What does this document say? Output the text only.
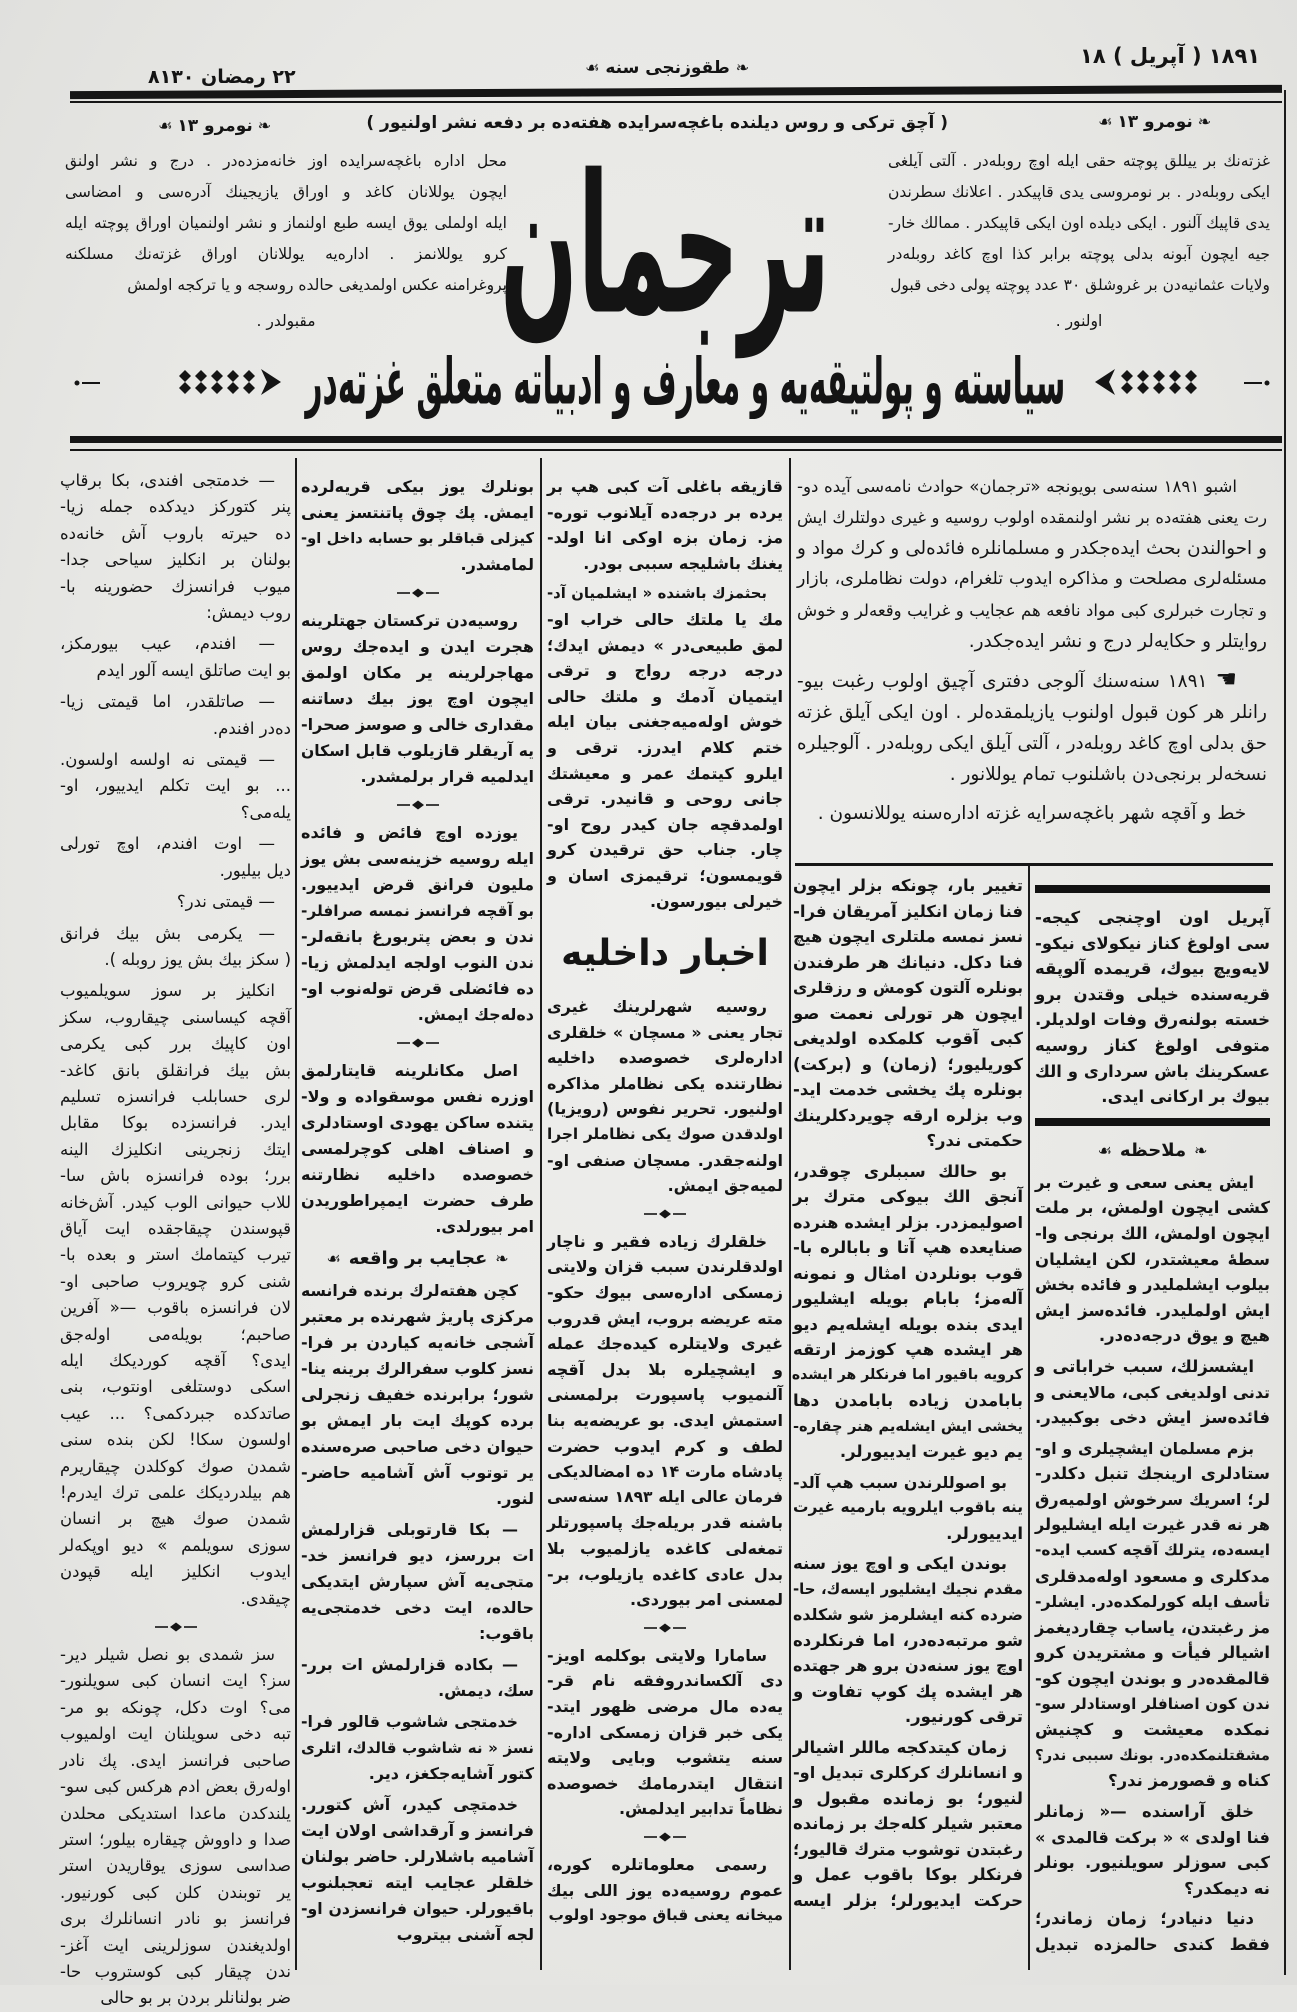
۱۸۹۱ ( آپریل ) ۱۸
❧
طقوزنجی سنه
☙
۲۲ رمضان ۸۱۳۰
❧
نومرو ۱۳
☙
( آچق ترکی و روس دیلنده باغچه‌سرایده هفته‌ده بر دفعه نشر اولنیور )
❧
نومرو ۱۳
☙
محل اداره باغچه‌سرایده اوز خانه‌مزده‌در . درج و نشر اولنق
ایچون یوللانان کاغد و اوراق یازیجینك آدره‌سی و امضاسی
ایله اولملی یوق ایسه طبع اولنماز و نشر اولنمیان اوراق پوچته ایله
کرو یوللانمز . اداره‌یه یوللانان اوراق غزته‌نك مسلکنه
پروغرامنه عکس اولمدیغی حالده روسجه و یا ترکجه اولمش
مقبولدر .
غزته‌نك بر ییللق پوچته حقی ایله اوچ روبله‌در . آلتی آیلغی
ایکی روبله‌در . بر نومروسی یدی قاپیکدر . اعلانك سطرندن
یدی قاپیك آلنور . ایکی دیلده اون ایکی قاپیکدر . ممالك خار-
جیه ایچون آبونه بدلی پوچته برابر کذا اوچ کاغد روبله‌در
ولایات عثمانیه‌دن بر غروشلق ۳۰ عدد پوچته پولی دخی قبول
اولنور .
ترجمان
سیاسته و پولتیقه‌یه و معارف و ادبیاته متعلق غزته‌در
اشبو ۱۸۹۱ سنه‌سی بویونجه «ترجمان» حوادث نامه‌سی آیده دو-
رت یعنی هفته‌ده بر نشر اولنمقده اولوب روسیه و غیری دولتلرك ایش
و احوالندن بحث ایده‌جکدر و مسلمانلره فائده‌لی و کرك مواد و
مسئله‌لری مصلحت و مذاکره ایدوب تلغرام، دولت نظاملری، بازار
و تجارت خبرلری کبی مواد نافعه هم عجایب و غرایب وقعه‌لر و خوش
روایتلر و حکایه‌لر درج و نشر ایده‌جکدر.
☚۱۸۹۱ سنه‌سنك آلوجی دفتری آچیق اولوب رغبت بیو-
رانلر هر کون قبول اولنوب یازیلمقده‌لر . اون ایکی آیلق غزته
حق بدلی اوچ کاغد روبله‌در ، آلتی آیلق ایکی روبله‌در . آلوجیلره
نسخه‌لر برنجی‌دن باشلنوب تمام یوللانور .
خط و آقچه شهر باغچه‌سرایه غزته اداره‌سنه یوللانسون .
آپریل اون اوچنجی کیجه-
سی اولوغ کناز نیکولای نیکو-
لایه‌ویچ بیوك، قریمده آلوپقه
قریه‌سنده خیلی وقتدن برو
خسته بولنه‌رق وفات اولدیلر.
متوفی اولوغ کناز روسیه
عسکرینك باش سرداری و الك
بیوك بر ارکانی ایدی.
❧
ملاحظه
☙
ایش یعنی سعی و غیرت بر
کشی ایچون اولمش، بر ملت
ایچون اولمش، الك برنجی وا-
سطهٔ معیشتدر، لکن ایشلیان
بیلوب ایشلملیدر و فائده بخش
ایش اولملیدر. فائده‌سز ایش
هیچ و یوق درجه‌ده‌در.
ایشسزلك، سبب خراباتی و
تدنی اولدیغی کبی، مالایعنی و
فائده‌سز ایش دخی بوکبیدر.
بزم مسلمان ایشچیلری و او-
ستادلری ارینجك تنبل دکلدر-
لر؛ اسریك سرخوش اولمیه‌رق
هر نه قدر غیرت ایله ایشلیولر
ایسه‌ده، یترلك آقچه کسب ایده-
مدکلری و مسعود اوله‌مدقلری
تأسف ایله کورلمکده‌در. ایشلر-
مز رغبتدن، یاساب چقاردیغمز
اشیالر فیأت و مشتریدن کرو
قالمقده‌در و بوندن ایچون کو-
ندن کون اصنافلر اوستادلر سو-
نمکده معیشت و کچنیش
مشقتلنمکده‌در. بونك سببی ندر؟
کناه و قصورمز ندر؟
خلق آراسنده —« زمانلر
فنا اولدی » « برکت قالمدی »
کبی سوزلر سویلنیور. بونلر
نه دیمکدر؟
دنیا دنیادر؛ زمان زماندر؛
فقط کندی حالمزده تبدیل
تغییر بار، چونکه بزلر ایچون
فنا زمان انکلیز آمریقان فرا-
نسز نمسه ملتلری ایچون هیچ
فنا دکل. دنیانك هر طرفندن
بونلره آلتون کومش و رزقلری
ایچون هر تورلی نعمت صو
کبی آقوب کلمکده اولدیغی
کوریلیور؛ (زمان) و (برکت)
بونلره پك یخشی خدمت اید-
وب بزلره ارقه چویردکلرینك
حکمتی ندر؟
بو حالك سببلری چوقدر،
آنجق الك بیوکی مترك بر
اصولیمزدر. بزلر ایشده هنرده
صنایعده هپ آتا و بابالره با-
قوب بونلردن امثال و نمونه
آله‌مز؛ بابام بویله ایشلیور
ایدی بنده بویله ایشله‌یم دیو
هر ایشده هپ کوزمز ارتقه
کرویه باقیور اما فرنکلر هر ایشده
بابامدن زیاده بابامدن دها
یخشی ایش ایشله‌یم هنر چقاره-
یم دیو غیرت ایدییورلر.
بو اصوللرندن سبب هپ آلد-
ینه باقوب ایلرویه بارمیه غیرت
ایدییورلر.
بوندن ایکی و اوچ یوز سنه
مقدم نجیك ایشلیور ایسه‌ك، حا-
ضرده کنه ایشلرمز شو شکلده
شو مرتبه‌ده‌در، اما فرنکلرده
اوچ یوز سنه‌دن برو هر جهتده
هر ایشده پك کوپ تفاوت و
ترقی کورنیور.
زمان کیتدکجه ماللر اشیالر
و انسانلرك کرکلری تبدیل او-
لنیور؛ بو زمانده مقبول و
معتبر شیلر کله‌جك بر زمانده
رغبتدن توشوب مترك قالیور؛
فرنکلر بوکا باقوب عمل و
حرکت ایدیورلر؛ بزلر ایسه
قازیقه باغلی آت کبی هپ بر
یرده بر درجه‌ده آیلانوب توره-
مز. زمان بزه اوکی انا اولد-
یغنك باشلیجه سببی بودر.
بحثمزك باشنده « ایشلمیان آد-
مك یا ملتك حالی خراب او-
لمق طبیعی‌در » دیمش ایدك؛
درجه درجه رواج و ترقی
ایتمیان آدمك و ملتك حالی
خوش اوله‌میه‌جغنی بیان ایله
ختم کلام ایدرز. ترقی و
ایلرو کیتمك عمر و معیشتك
جانی روحی و قانیدر. ترقی
اولمدقچه جان کیدر روح او-
چار. جناب حق ترقیدن کرو
قویمسون؛ ترقیمزی اسان و
خیرلی بیورسون.
اخبار داخلیه
روسیه شهرلرینك غیری
تجار یعنی « مسچان » خلقلری
اداره‌لری خصوصده داخلیه
نظارتنده یکی نظاملر مذاکره
اولنیور. تحریر نفوس (رویزیا)
اولدقدن صوك یکی نظاملر اجرا
اولنه‌جقدر. مسچان صنفی او-
لمیه‌جق ایمش.
خلقلرك زیاده فقیر و ناچار
اولدقلرندن سبب قزان ولایتی
زمسکی اداره‌سی بیوك حکو-
مته عریضه بروب، ایش قدروب
غیری ولایتلره کیده‌جك عمله
و ایشچیلره بلا بدل آقچه
آلنمیوب پاسپورت برلمسنی
استمش ایدی. بو عریضه‌یه بنا
لطف و کرم ایدوب حضرت
پادشاه مارت ۱۴ ده امضالدیکی
فرمان عالی ایله ۱۸۹۳ سنه‌سی
باشنه قدر بریله‌جك پاسپورتلر
تمغه‌لی کاغده یازلمیوب بلا
بدل عادی کاغده یازیلوب، بر-
لمسنی امر بیوردی.
سامارا ولایتی بوکلمه اویز-
دی آلکساندروفقه نام قر-
یه‌ده مال مرضی ظهور ایتد-
یکی خبر قزان زمسکی اداره-
سنه یتشوب وبایی ولایته
انتقال ایتدرمامك خصوصده
نظاماً تدابیر ایدلمش.
رسمی معلوماتلره کوره،
عموم روسیه‌ده یوز اللی بیك
میخانه یعنی قباق موجود اولوب
بونلرك یوز بیکی قریه‌لرده
ایمش. پك چوق پاتنتسز یعنی
کیزلی قباقلر بو حسابه داخل او-
لمامشدر.
روسیه‌دن ترکستان جهتلرینه
هجرت ایدن و ایده‌جك روس
مهاجرلرینه یر مکان اولمق
ایچون اوچ یوز بیك دساتنه
مقداری خالی و صوسز صحرا-
یه آریقلر قازیلوب قابل اسکان
ایدلمیه قرار برلمشدر.
یوزده اوچ فائض و فائده
ایله روسیه خزینه‌سی بش یوز
ملیون فرانق قرض ایدییور.
بو آقچه فرانسز نمسه صرافلر-
ندن و بعض پتربورغ بانقه‌لر-
ندن النوب اولجه ایدلمش زیا-
ده فائضلی قرض توله‌نوب او-
ده‌له‌جك ایمش.
اصل مکانلرینه قایتارلمق
اوزره نفس موسقواده و ولا-
یتنده ساکن یهودی اوستادلری
و اصناف اهلی کوچرلمسی
خصوصده داخلیه نظارتنه
طرف حضرت ایمپراطوریدن
امر بیورلدی.
❧
عجایب بر واقعه
☙
کچن هفته‌لرك برنده فرانسه
مرکزی پاریژ شهرنده بر معتبر
آشجی خانه‌یه کیاردن بر فرا-
نسز کلوب سفرالرك برینه ینا-
شور؛ برابرنده خفیف زنجرلی
برده کوپك ایت بار ایمش بو
حیوان دخی صاحبی صره‌سنده
یر توتوب آش آشامیه حاضر-
لنور.
— بکا قارتوبلی قزارلمش
ات بررسز، دیو فرانسز خد-
متجی‌یه آش سپارش ایتدیکی
حالده، ایت دخی خدمتجی‌یه
باقوب:
— بکاده قزارلمش ات برر-
سك، دیمش.
خدمتجی شاشوب قالور فرا-
نسز « نه شاشوب قالدك، اتلری
کتور آشایه‌جکغز، دیر.
خدمتچی کیدر، آش کتورر.
فرانسز و آرقداشی اولان ایت
آشامیه باشلارلر. حاضر بولنان
خلقلر عجایب ایته تعجبلنوب
باقیورلر. حیوان فرانسزدن او-
لجه آشنی بیتروب
— خدمتجی افندی، بکا برقاپ
پنر کتورکز دیدکده جمله زیا-
ده حیرته باروب آش خانه‌ده
بولنان بر انکلیز سیاحی جدا-
میوب فرانسزك حضورینه با-
روب دیمش:
— افندم، عیب بیورمکز،
بو ایت صاتلق ایسه آلور ایدم
— صاتلقدر، اما قیمتی زیا-
ده‌در افندم.
— قیمتی نه اولسه اولسون.
... بو ایت تکلم ایدییور، او-
یله‌می؟
— اوت افندم، اوچ تورلی
دیل بیلیور.
— قیمتی ندر؟
— یکرمی بش بیك فرانق
( سکز بیك بش یوز روبله ).
انکلیز بر سوز سویلمیوب
آقچه کیساسنی چیقاروب، سکز
اون کاپیك برر کبی یکرمی
بش بیك فرانقلق بانق کاغد-
لری حسابلب فرانسزه تسلیم
ایدر. فرانسزده بوکا مقابل
ایتك زنجرینی انکلیزك الینه
برر؛ بوده فرانسزه باش سا-
للاب حیوانی الوب کیدر. آش‌خانه
قپوسندن چیقاجقده ایت آیاق
تیرب کیتمامك استر و بعده با-
شنی کرو چویروب صاحبی او-
لان فرانسزه باقوب —« آفرین
صاحبم؛ بویله‌می اوله‌جق
ایدی؟ آقچه کوردیکك ایله
اسکی دوستلغی اونتوب، بنی
صاتدکده جبردکمی؟ ... عیب
اولسون سکا! لکن بنده سنی
شمدن صوك کوکلدن چیقاریرم
هم بیلدردیکك علمی ترك ایدرم!
شمدن صوك هیچ بر انسان
سوزی سویلمم » دیو اوپکه‌لر
ایدوب انکلیز ایله قپودن
چیقدی.
سز شمدی بو نصل شیلر دیر-
سز؟ ایت انسان کبی سویلنور-
می؟ اوت دکل، چونکه بو مر-
تبه دخی سویلنان ایت اولمیوب
صاحبی فرانسز ایدی. پك نادر
اوله‌رق بعض ادم هرکس کبی سو-
یلندکدن ماعدا استدیکی محلدن
صدا و داووش چیقاره بیلور؛ استر
صداسی سوزی یوقاریدن استر
یر توبندن کلن کبی کورنیور.
فرانسز بو نادر انسانلرك بری
اولدیغندن سوزلرینی ایت آغز-
ندن چیقار کبی کوستروب حا-
ضر بولنانلر بردن بر بو حالی
